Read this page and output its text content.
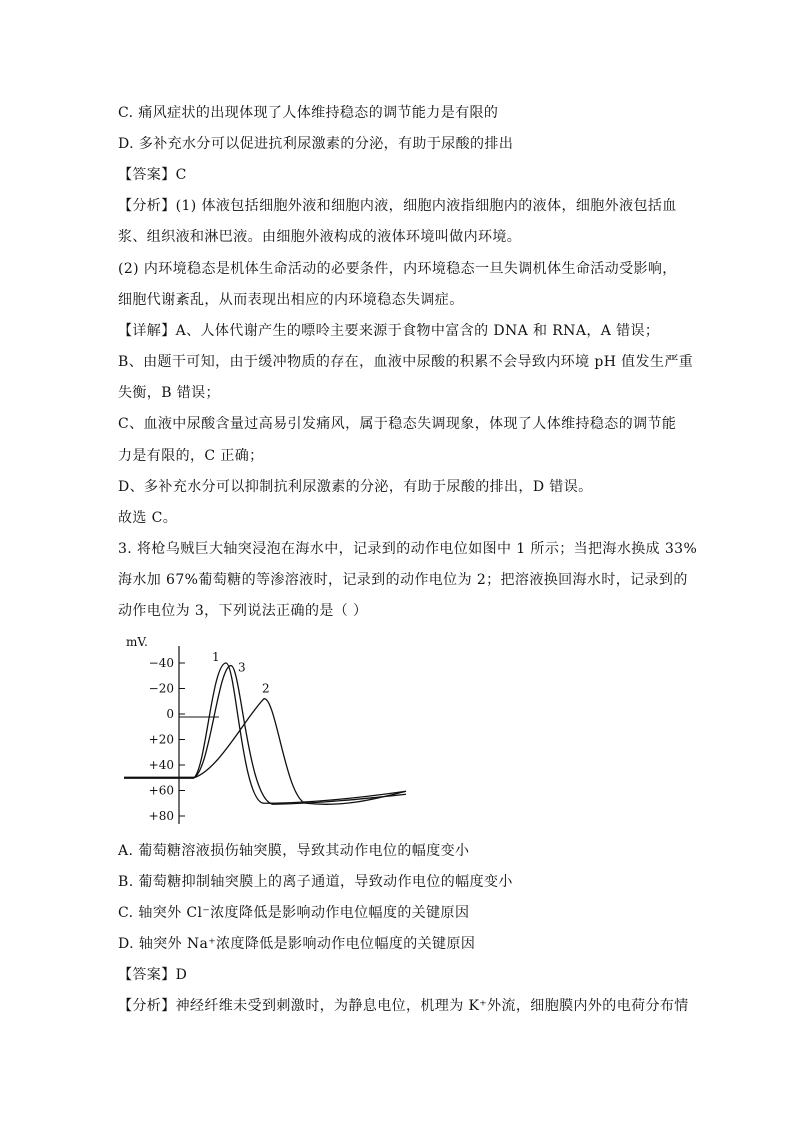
C. 痛风症状的出现体现了人体维持稳态的调节能力是有限的
D. 多补充水分可以促进抗利尿激素的分泌，有助于尿酸的排出
【答案】C
【分析】(1) 体液包括细胞外液和细胞内液，细胞内液指细胞内的液体，细胞外液包括血
浆、组织液和淋巴液。由细胞外液构成的液体环境叫做内环境。
(2) 内环境稳态是机体生命活动的必要条件，内环境稳态一旦失调机体生命活动受影响，
细胞代谢紊乱，从而表现出相应的内环境稳态失调症。
【详解】A、人体代谢产生的嘌呤主要来源于食物中富含的 DNA 和 RNA，A 错误；
B、由题干可知，由于缓冲物质的存在，血液中尿酸的积累不会导致内环境 pH 值发生严重
失衡，B 错误；
C、血液中尿酸含量过高易引发痛风，属于稳态失调现象，体现了人体维持稳态的调节能
力是有限的，C 正确；
D、多补充水分可以抑制抗利尿激素的分泌，有助于尿酸的排出，D 错误。
故选 C。
3. 将枪乌贼巨大轴突浸泡在海水中，记录到的动作电位如图中 1 所示；当把海水换成 33%
海水加 67%葡萄糖的等渗溶液时，记录到的动作电位为 2；把溶液换回海水时，记录到的
动作电位为 3，下列说法正确的是（ ）
mV.
−40
−20
0
+20
+40
+60
+80
1
3
2
A. 葡萄糖溶液损伤轴突膜，导致其动作电位的幅度变小
B. 葡萄糖抑制轴突膜上的离子通道，导致动作电位的幅度变小
C. 轴突外 Cl⁻浓度降低是影响动作电位幅度的关键原因
D. 轴突外 Na⁺浓度降低是影响动作电位幅度的关键原因
【答案】D
【分析】神经纤维未受到刺激时，为静息电位，机理为 K⁺外流，细胞膜内外的电荷分布情
